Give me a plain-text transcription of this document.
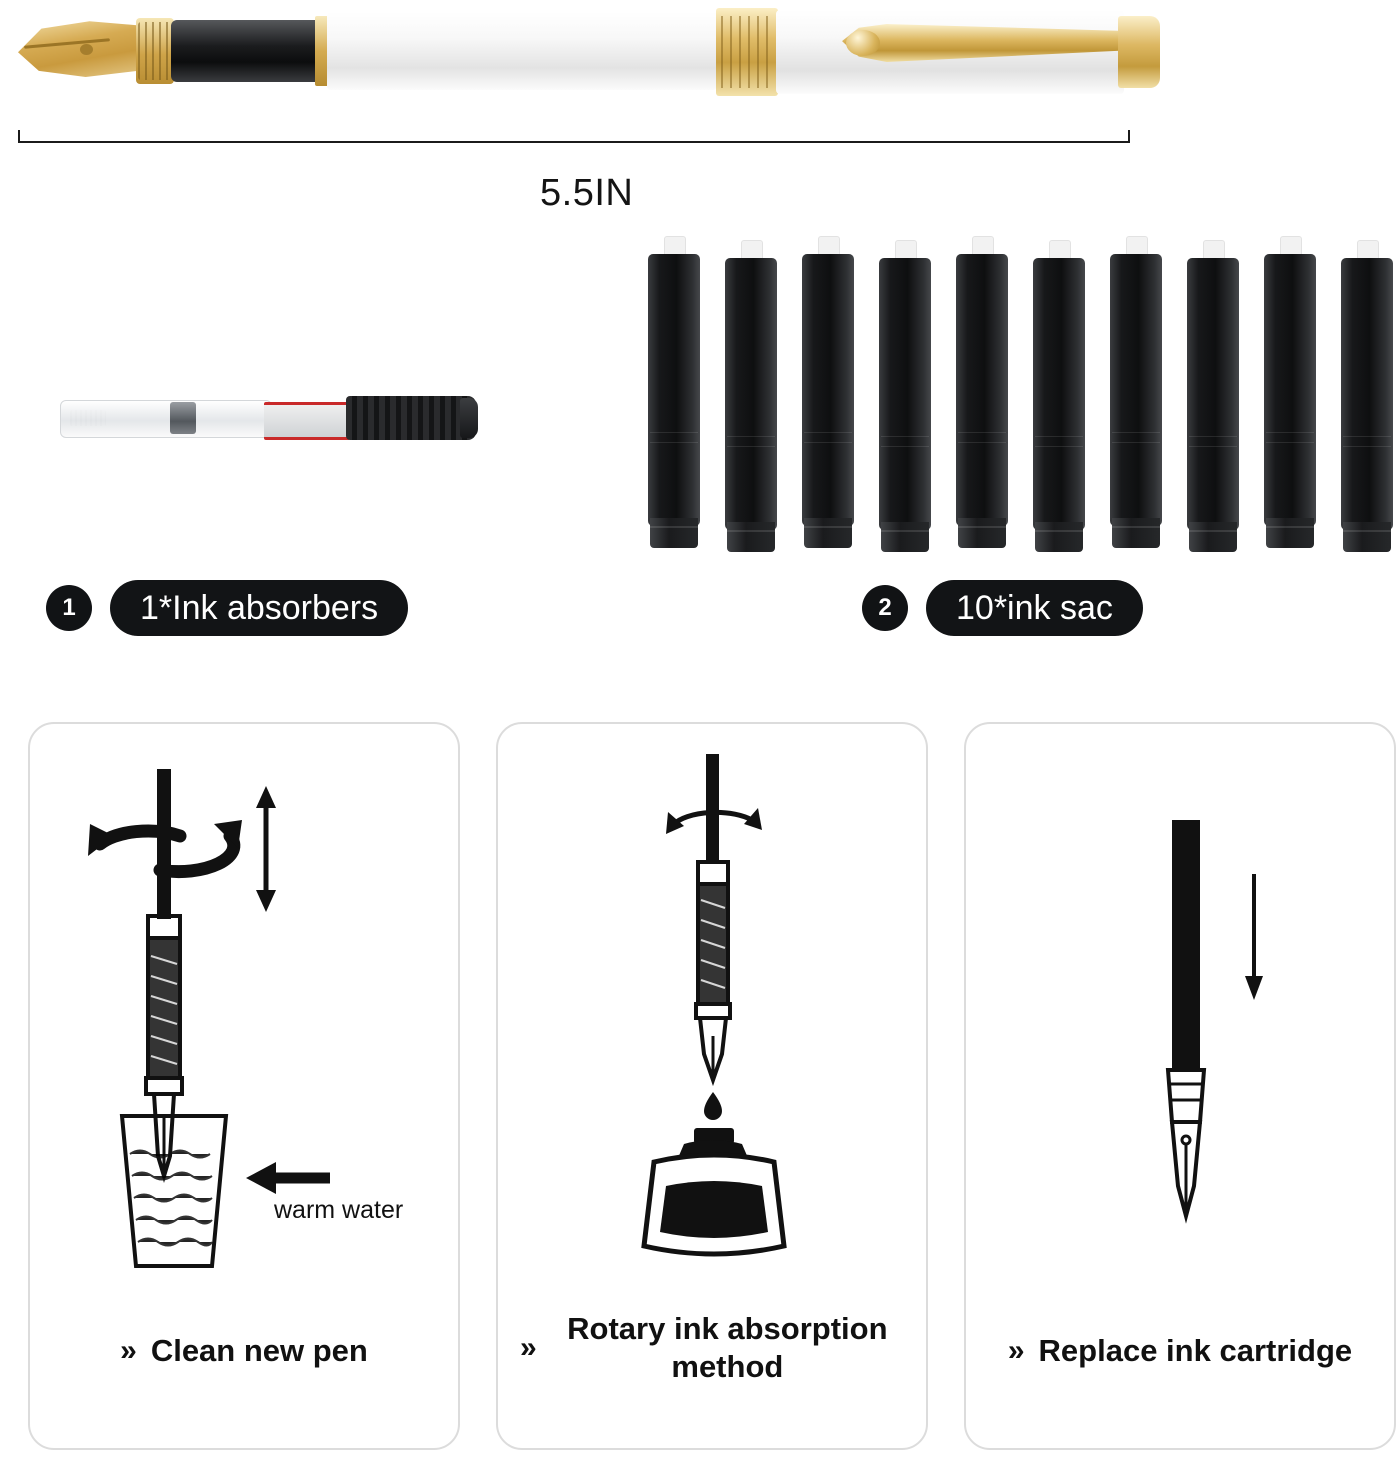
5.5IN
1	1*Ink absorbers	2	10*ink sac
warm water
» Clean new pen	»
Rotary ink absorption method	» Replace ink cartridge
